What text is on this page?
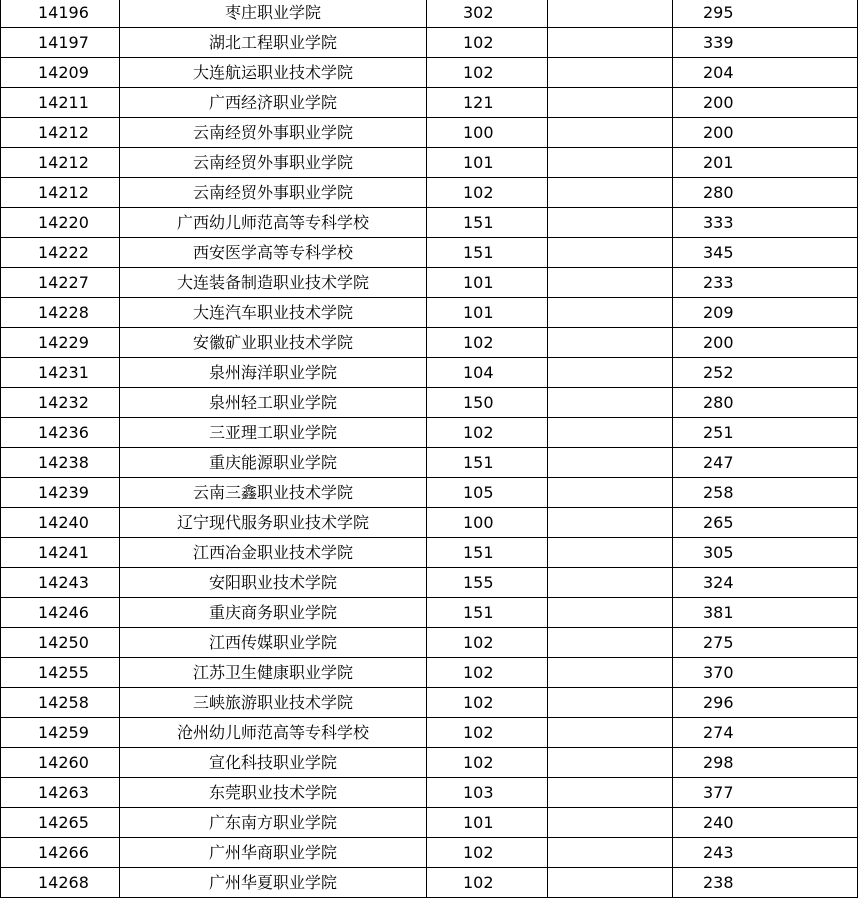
14196	枣庄职业学院	302	295	
14197	湖北工程职业学院	102	339	
14209	大连航运职业技术学院	102	204	
14211	广西经济职业学院	121	200	
14212	云南经贸外事职业学院	100	200	
14212	云南经贸外事职业学院	101	201	
14212	云南经贸外事职业学院	102	280	
14220	广西幼儿师范高等专科学校	151	333	
14222	西安医学高等专科学校	151	345	
14227	大连装备制造职业技术学院	101	233	
14228	大连汽车职业技术学院	101	209	
14229	安徽矿业职业技术学院	102	200	
14231	泉州海洋职业学院	104	252	
14232	泉州轻工职业学院	150	280	
14236	三亚理工职业学院	102	251	
14238	重庆能源职业学院	151	247	
14239	云南三鑫职业技术学院	105	258	
14240	辽宁现代服务职业技术学院	100	265	
14241	江西冶金职业技术学院	151	305	
14243	安阳职业技术学院	155	324	
14246	重庆商务职业学院	151	381	
14250	江西传媒职业学院	102	275	
14255	江苏卫生健康职业学院	102	370	
14258	三峡旅游职业技术学院	102	296	
14259	沧州幼儿师范高等专科学校	102	274	
14260	宣化科技职业学院	102	298	
14263	东莞职业技术学院	103	377	
14265	广东南方职业学院	101	240	
14266	广州华商职业学院	102	243	
14268	广州华夏职业学院	102	238	
